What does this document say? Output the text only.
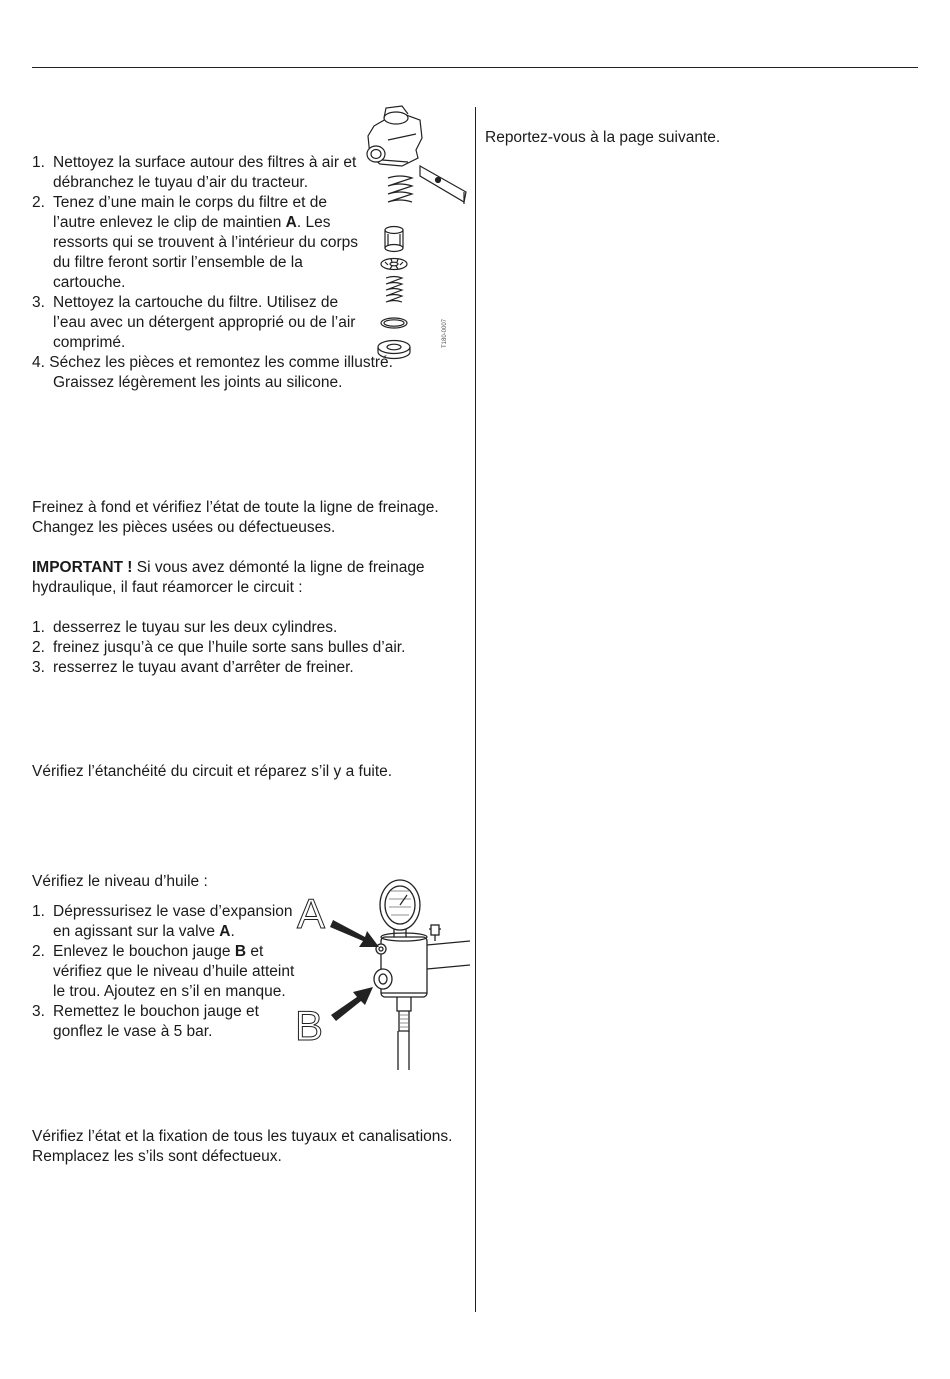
1. Nettoyez la surface autour des filtres à air et débranchez le tuyau d’air du tracteur.
2. Tenez d’une main le corps du filtre et de l’autre enlevez le clip de maintien A. Les ressorts qui se trouvent à l’intérieur du corps du filtre feront sortir l’ensemble de la cartouche.
3. Nettoyez la cartouche du filtre. Utilisez de l’eau avec un détergent approprié ou de l’air comprimé.
4. Séchez les pièces et remontez les comme illustré.
Graissez légèrement les joints au silicone.
T180-0007

Freinez à fond et vérifiez l’état de toute la ligne de freinage. Changez les pièces usées ou défectueuses.

IMPORTANT ! Si vous avez démonté la ligne de freinage hydraulique, il faut réamorcer le circuit :

1. desserrez le tuyau sur les deux cylindres.
2. freinez jusqu’à ce que l’huile sorte sans bulles d’air.
3. resserrez le tuyau avant d’arrêter de freiner.

Vérifiez l’étanchéité du circuit et réparez s’il y a fuite.

Vérifiez le niveau d’huile :

1. Dépressurisez le vase d’expansion en agissant sur la valve A.
2. Enlevez le bouchon jauge B et vérifiez que le niveau d’huile atteint le trou. Ajoutez en s’il en manque.
3. Remettez le bouchon jauge et gonflez le vase à 5 bar.
A
B

Vérifiez l’état et la fixation de tous les tuyaux et canalisations. Remplacez les s’ils sont défectueux.

Reportez-vous à la page suivante.
